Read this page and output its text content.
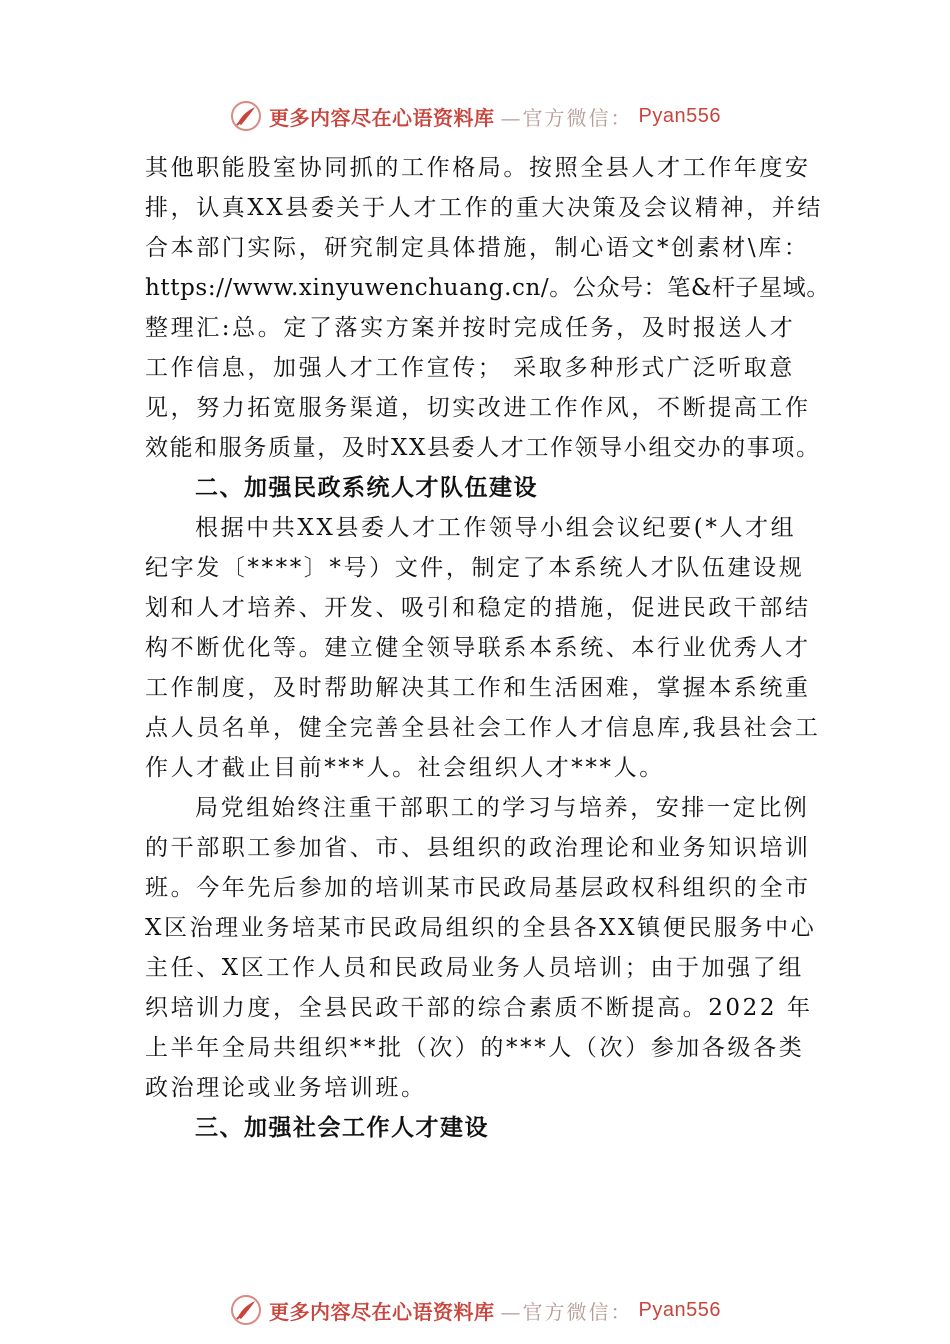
更多内容尽在心语资料库 —官方微信： Pyan556
其他职能股室协同抓的工作格局。按照全县人才工作年度安
排，认真XX县委关于人才工作的重大决策及会议精神，并结
合本部门实际，研究制定具体措施，制心语文*创素材\库：
https://www.xinyuwenchuang.cn/。公众号：笔&杆子星域。
整理汇:总。定了落实方案并按时完成任务，及时报送人才
工作信息，加强人才工作宣传； 采取多种形式广泛听取意
见，努力拓宽服务渠道，切实改进工作作风，不断提高工作
效能和服务质量，及时XX县委人才工作领导小组交办的事项。
二、加强民政系统人才队伍建设
根据中共XX县委人才工作领导小组会议纪要(*人才组
纪字发〔****〕*号）文件，制定了本系统人才队伍建设规
划和人才培养、开发、吸引和稳定的措施，促进民政干部结
构不断优化等。建立健全领导联系本系统、本行业优秀人才
工作制度，及时帮助解决其工作和生活困难，掌握本系统重
点人员名单，健全完善全县社会工作人才信息库,我县社会工
作人才截止目前***人。社会组织人才***人。
局党组始终注重干部职工的学习与培养，安排一定比例
的干部职工参加省、市、县组织的政治理论和业务知识培训
班。今年先后参加的培训某市民政局基层政权科组织的全市
X区治理业务培某市民政局组织的全县各XX镇便民服务中心
主任、X区工作人员和民政局业务人员培训；由于加强了组
织培训力度，全县民政干部的综合素质不断提高。2022 年
上半年全局共组织**批（次）的***人（次）参加各级各类
政治理论或业务培训班。
三、加强社会工作人才建设
更多内容尽在心语资料库 —官方微信： Pyan556
